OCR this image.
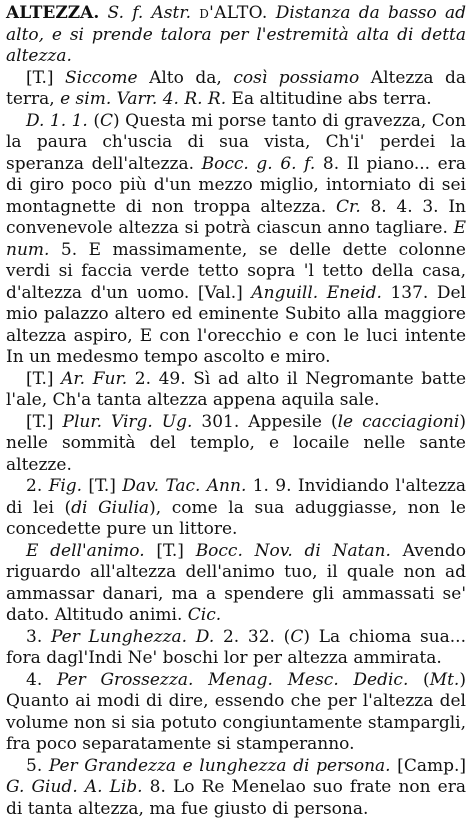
ALTEZZA. S. f. Astr. d'ALTO. Distanza da basso ad alto, e si prende talora per l'estremità alta di detta altezza.

[T.] Siccome Alto da, così possiamo Altezza da terra, e sim. Varr. 4. R. R. Ea altitudine abs terra.

D. 1. 1. (C) Questa mi porse tanto di gravezza, Con la paura ch'uscia di sua vista, Ch'i' perdei la speranza dell'altezza. Bocc. g. 6. f. 8. Il piano... era di giro poco più d'un mezzo miglio, intorniato di sei montagnette di non troppa altezza. Cr. 8. 4. 3. In convenevole altezza si potrà ciascun anno tagliare. E num. 5. E massimamente, se delle dette colonne verdi si faccia verde tetto sopra 'l tetto della casa, d'altezza d'un uomo. [Val.] Anguill. Eneid. 137. Del mio palazzo altero ed eminente Subito alla maggiore altezza aspiro, E con l'orecchio e con le luci intente In un medesmo tempo ascolto e miro.

[T.] Ar. Fur. 2. 49. Sì ad alto il Negromante batte l'ale, Ch'a tanta altezza appena aquila sale.

[T.] Plur. Virg. Ug. 301. Appesile (le cacciagioni) nelle sommità del templo, e locaile nelle sante altezze.

2. Fig. [T.] Dav. Tac. Ann. 1. 9. Invidiando l'altezza di lei (di Giulia), come la sua aduggiasse, non le concedette pure un littore.

E dell'animo. [T.] Bocc. Nov. di Natan. Avendo riguardo all'altezza dell'animo tuo, il quale non ad ammassar danari, ma a spendere gli ammassati se' dato. Altitudo animi. Cic.

3. Per Lunghezza. D. 2. 32. (C) La chioma sua... fora dagl'Indi Ne' boschi lor per altezza ammirata.

4. Per Grossezza. Menag. Mesc. Dedic. (Mt.) Quanto ai modi di dire, essendo che per l'altezza del volume non si sia potuto congiuntamente stampargli, fra poco separatamente si stamperanno.

5. Per Grandezza e lunghezza di persona. [Camp.] G. Giud. A. Lib. 8. Lo Re Menelao suo frate non era di tanta altezza, ma fue giusto di persona.
